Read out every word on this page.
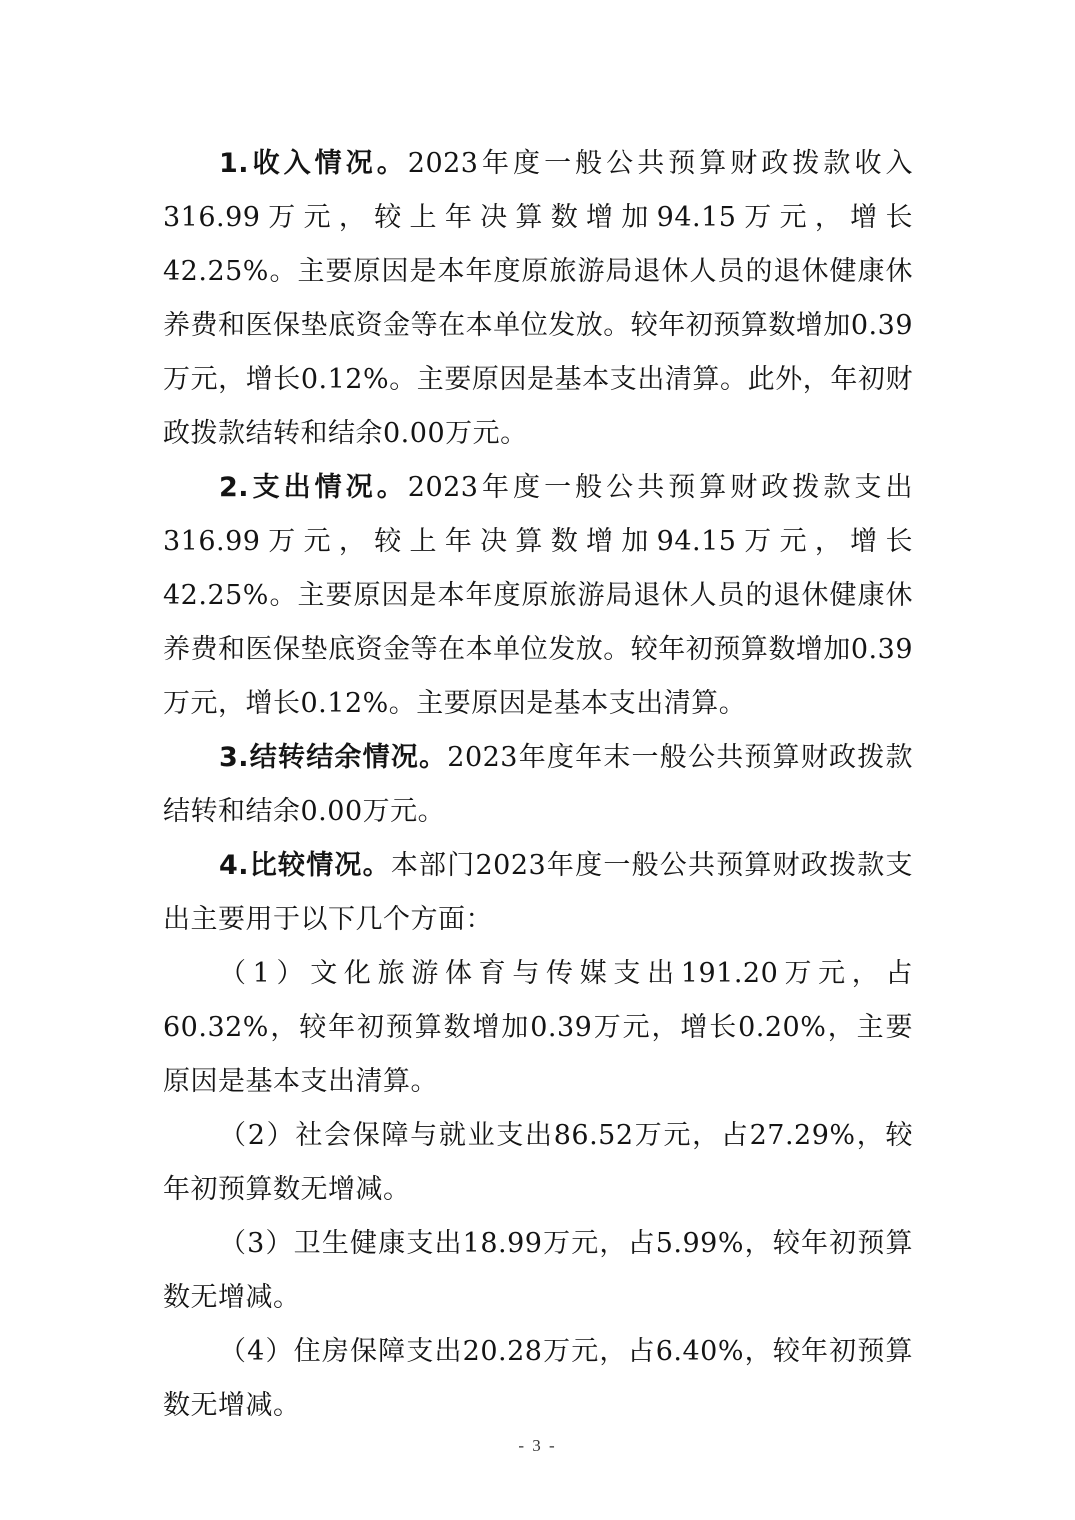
1.收入情况。2023年度一般公共预算财政拨款收入316.99万元，较上年决算数增加94.15万元，增长42.25%。主要原因是本年度原旅游局退休人员的退休健康休养费和医保垫底资金等在本单位发放。较年初预算数增加0.39万元，增长0.12%。主要原因是基本支出清算。此外，年初财政拨款结转和结余0.00万元。

2.支出情况。2023年度一般公共预算财政拨款支出316.99万元，较上年决算数增加94.15万元，增长42.25%。主要原因是本年度原旅游局退休人员的退休健康休养费和医保垫底资金等在本单位发放。较年初预算数增加0.39万元，增长0.12%。主要原因是基本支出清算。

3.结转结余情况。2023年度年末一般公共预算财政拨款结转和结余0.00万元。

4.比较情况。本部门2023年度一般公共预算财政拨款支出主要用于以下几个方面：

（1）文化旅游体育与传媒支出191.20万元，占60.32%，较年初预算数增加0.39万元，增长0.20%，主要原因是基本支出清算。

（2）社会保障与就业支出86.52万元，占27.29%，较年初预算数无增减。

（3）卫生健康支出18.99万元，占5.99%，较年初预算数无增减。

（4）住房保障支出20.28万元，占6.40%，较年初预算数无增减。

- 3 -
